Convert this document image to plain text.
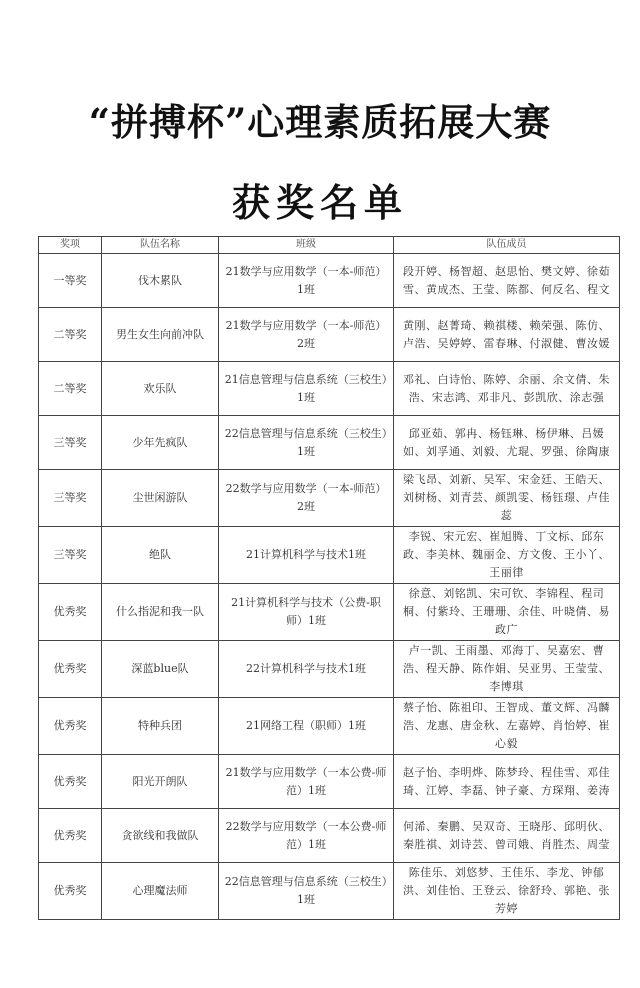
“拼搏杯”心理素质拓展大赛
获奖名单
奖项	队伍名称	班级	队伍成员
一等奖	伐木累队	21数学与应用数学（一本-师范）1班	段开婷、杨智超、赵思怡、樊文婷、徐茹雪、黄成杰、王莹、陈都、何反名、程文
二等奖	男生女生向前冲队	21数学与应用数学（一本-师范）2班	黄刚、赵菁琦、赖祺楼、赖荣强、陈仿、卢浩、吴婷婷、雷春琳、付淑健、曹汝媛
二等奖	欢乐队	21信息管理与信息系统（三校生）1班	邓礼、白诗怡、陈婷、余丽、余文倩、朱浩、宋志鸿、邓非凡、彭凯欣、涂志强
三等奖	少年先疯队	22信息管理与信息系统（三校生）1班	邱亚茹、郭冉、杨钰琳、杨伊琳、吕媛如、刘孚通、刘毅、尤琨、罗强、徐陶康
三等奖	尘世闲游队	22数学与应用数学（一本-师范）2班	梁飞昂、刘新、吴军、宋金廷、王皓天、刘树杨、刘青芸、颜凯雯、杨钰璟、卢佳蕊
三等奖	绝队	21计算机科学与技术1班	李锐、宋元宏、崔旭腾、丁文标、邱东政、李美林、魏丽金、方文俊、王小丫、王丽律
优秀奖	什么指泥和我一队	21计算机科学与技术（公费-职师）1班	徐意、刘铭凯、宋可钦、李锦程、程司桐、付紫玲、王珊珊、余佳、叶晓倩、易政广
优秀奖	深蓝blue队	22计算机科学与技术1班	卢一凯、王雨墨、邓海丁、吴嘉宏、曹浩、程天静、陈作娟、吴亚男、王莹莹、李博琪
优秀奖	特种兵团	21网络工程（职师）1班	蔡子怡、陈祖印、王智成、董文辉、冯麟浩、龙惠、唐金秋、左嘉婷、肖怡婷、崔心毅
优秀奖	阳光开朗队	21数学与应用数学（一本公费-师范）1班	赵子怡、李明烨、陈梦玲、程佳雪、邓佳琦、江婷、李磊、钟子豪、方琛翔、姜涛
优秀奖	贪欲线和我做队	22数学与应用数学（一本公费-师范）1班	何浠、秦鹏、吴双奇、王晓彤、邱明伙、秦胜祺、刘诗芸、曾司娥、肖胜杰、周莹
优秀奖	心理魔法师	22信息管理与信息系统（三校生）1班	陈佳乐、刘悠梦、王佳乐、李龙、钟郁洪、刘佳怡、王登云、徐舒玲、郭艳、张芳婷
